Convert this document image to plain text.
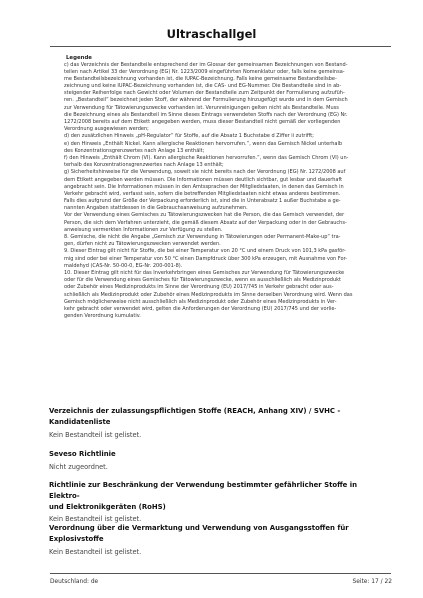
Ultraschallgel
Legende
c) das Verzeichnis der Bestandteile entsprechend der im Glossar der gemeinsamen Bezeichnungen von Bestand-
teilen nach Artikel 33 der Verordnung (EG) Nr. 1223/2009 eingeführten Nomenklatur oder, falls keine gemeinsa-
me Bestandteilsbezeichnung vorhanden ist, die IUPAC-Bezeichnung. Falls keine gemeinsame Bestandteilsbe-
zeichnung und keine IUPAC-Bezeichnung vorhanden ist, die CAS- und EG-Nummer. Die Bestandteile sind in ab-
steigender Reihenfolge nach Gewicht oder Volumen der Bestandteile zum Zeitpunkt der Formulierung aufzufüh-
ren. „Bestandteil“ bezeichnet jeden Stoff, der während der Formulierung hinzugefügt wurde und in dem Gemisch
zur Verwendung für Tätowierungszwecke vorhanden ist. Verunreinigungen gelten nicht als Bestandteile. Muss
die Bezeichnung eines als Bestandteil im Sinne dieses Eintrags verwendeten Stoffs nach der Verordnung (EG) Nr.
1272/2008 bereits auf dem Etikett angegeben werden, muss dieser Bestandteil nicht gemäß der vorliegenden
Verordnung ausgewiesen werden;
d) den zusätzlichen Hinweis „pH-Regulator“ für Stoffe, auf die Absatz 1 Buchstabe d Ziffer ii zutrifft;
e) den Hinweis „Enthält Nickel. Kann allergische Reaktionen hervorrufen.“, wenn das Gemisch Nickel unterhalb
des Konzentrationsgrenzwertes nach Anlage 13 enthält;
f) den Hinweis „Enthält Chrom (VI). Kann allergische Reaktionen hervorrufen.“, wenn das Gemisch Chrom (VI) un-
terhalb des Konzentrationsgrenzwertes nach Anlage 13 enthält;
g) Sicherheitshinweise für die Verwendung, soweit sie nicht bereits nach der Verordnung (EG) Nr. 1272/2008 auf
dem Etikett angegeben werden müssen. Die Informationen müssen deutlich sichtbar, gut lesbar und dauerhaft
angebracht sein. Die Informationen müssen in den Amtssprachen der Mitgliedstaaten, in denen das Gemisch in
Verkehr gebracht wird, verfasst sein, sofern die betreffenden Mitgliedstaaten nicht etwas anderes bestimmen.
Falls dies aufgrund der Größe der Verpackung erforderlich ist, sind die in Unterabsatz 1 außer Buchstabe a ge-
nannten Angaben stattdessen in die Gebrauchsanweisung aufzunehmen.
Vor der Verwendung eines Gemisches zu Tätowierungszwecken hat die Person, die das Gemisch verwendet, der
Person, die sich dem Verfahren unterzieht, die gemäß diesem Absatz auf der Verpackung oder in der Gebrauchs-
anweisung vermerkten Informationen zur Verfügung zu stellen.
8. Gemische, die nicht die Angabe „Gemisch zur Verwendung in Tätowierungen oder Permanent-Make-up“ tra-
gen, dürfen nicht zu Tätowierungszwecken verwendet werden.
9. Dieser Eintrag gilt nicht für Stoffe, die bei einer Temperatur von 20 °C und einem Druck von 101,3 kPa gasför-
mig sind oder bei einer Temperatur von 50 °C einen Dampfdruck über 300 kPa erzeugen, mit Ausnahme von For-
maldehyd (CAS-Nr. 50-00-0, EG-Nr. 200-001-8).
10. Dieser Eintrag gilt nicht für das Inverkehrbringen eines Gemisches zur Verwendung für Tätowierungszwecke
oder für die Verwendung eines Gemisches für Tätowierungszwecke, wenn es ausschließlich als Medizinprodukt
oder Zubehör eines Medizinprodukts im Sinne der Verordnung (EU) 2017/745 in Verkehr gebracht oder aus-
schließlich als Medizinprodukt oder Zubehör eines Medizinprodukts im Sinne derselben Verordnung wird. Wenn das
Gemisch möglicherweise nicht ausschließlich als Medizinprodukt oder Zubehör eines Medizinprodukts in Ver-
kehr gebracht oder verwendet wird, gelten die Anforderungen der Verordnung (EU) 2017/745 und der vorlie-
genden Verordnung kumulativ.
Verzeichnis der zulassungspflichtigen Stoffe (REACH, Anhang XIV) / SVHC -
Kandidatenliste
Kein Bestandteil ist gelistet.
Seveso Richtlinie
Nicht zugeordnet.
Richtlinie zur Beschränkung der Verwendung bestimmter gefährlicher Stoffe in Elektro-
und Elektronikgeräten (RoHS)
Kein Bestandteil ist gelistet.
Verordnung über die Vermarktung und Verwendung von Ausgangsstoffen für
Explosivstoffe
Kein Bestandteil ist gelistet.
Deutschland: de	Seite: 17 / 22
